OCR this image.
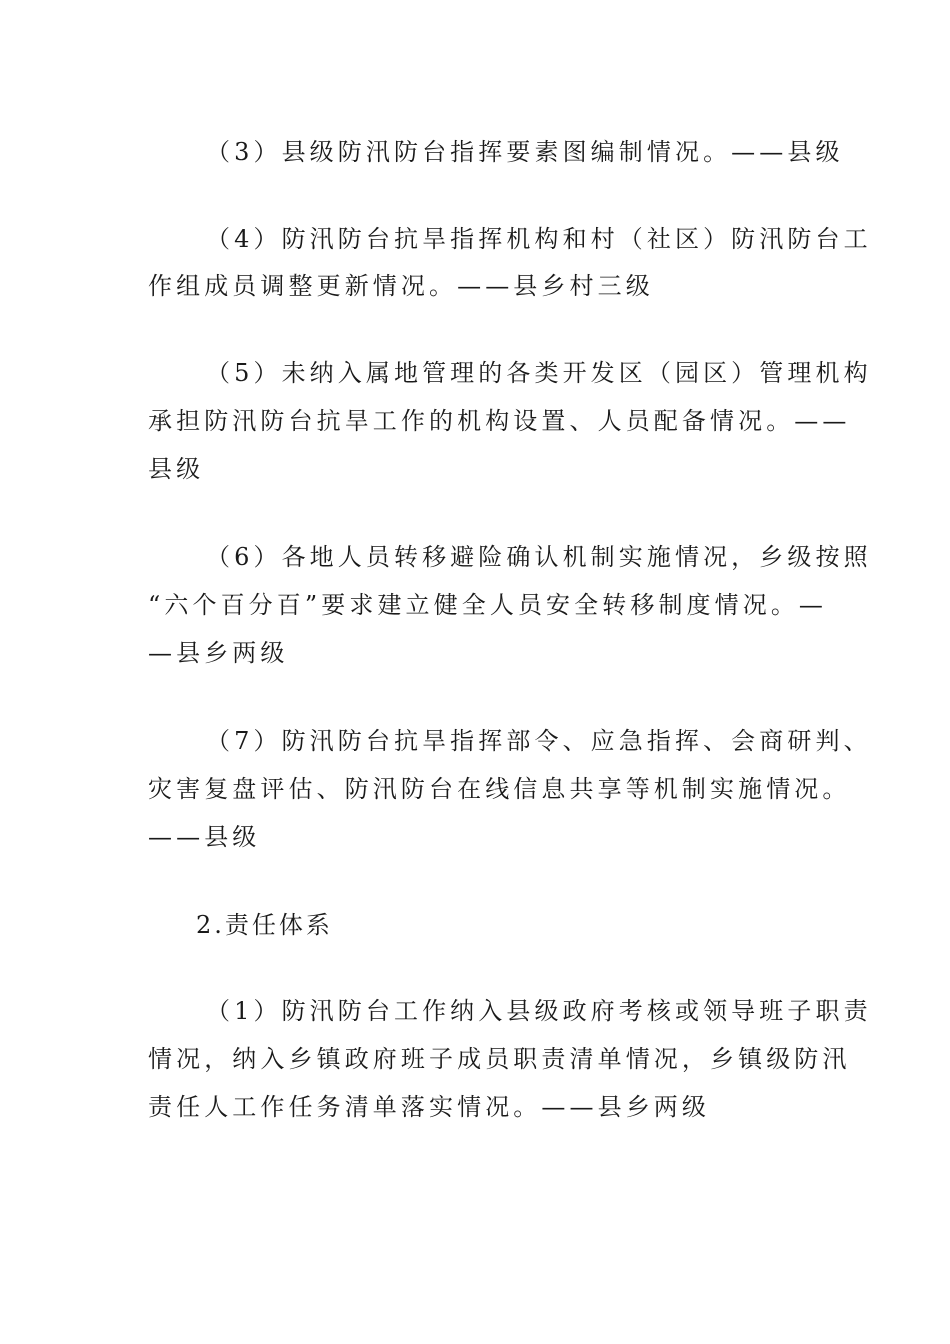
（3）县级防汛防台指挥要素图编制情况。——县级
（4）防汛防台抗旱指挥机构和村（社区）防汛防台工
作组成员调整更新情况。——县乡村三级
（5）未纳入属地管理的各类开发区（园区）管理机构
承担防汛防台抗旱工作的机构设置、人员配备情况。——
县级
（6）各地人员转移避险确认机制实施情况，乡级按照
“六个百分百”要求建立健全人员安全转移制度情况。—
—县乡两级
（7）防汛防台抗旱指挥部令、应急指挥、会商研判、
灾害复盘评估、防汛防台在线信息共享等机制实施情况。
——县级
2.责任体系
（1）防汛防台工作纳入县级政府考核或领导班子职责
情况，纳入乡镇政府班子成员职责清单情况，乡镇级防汛
责任人工作任务清单落实情况。——县乡两级
